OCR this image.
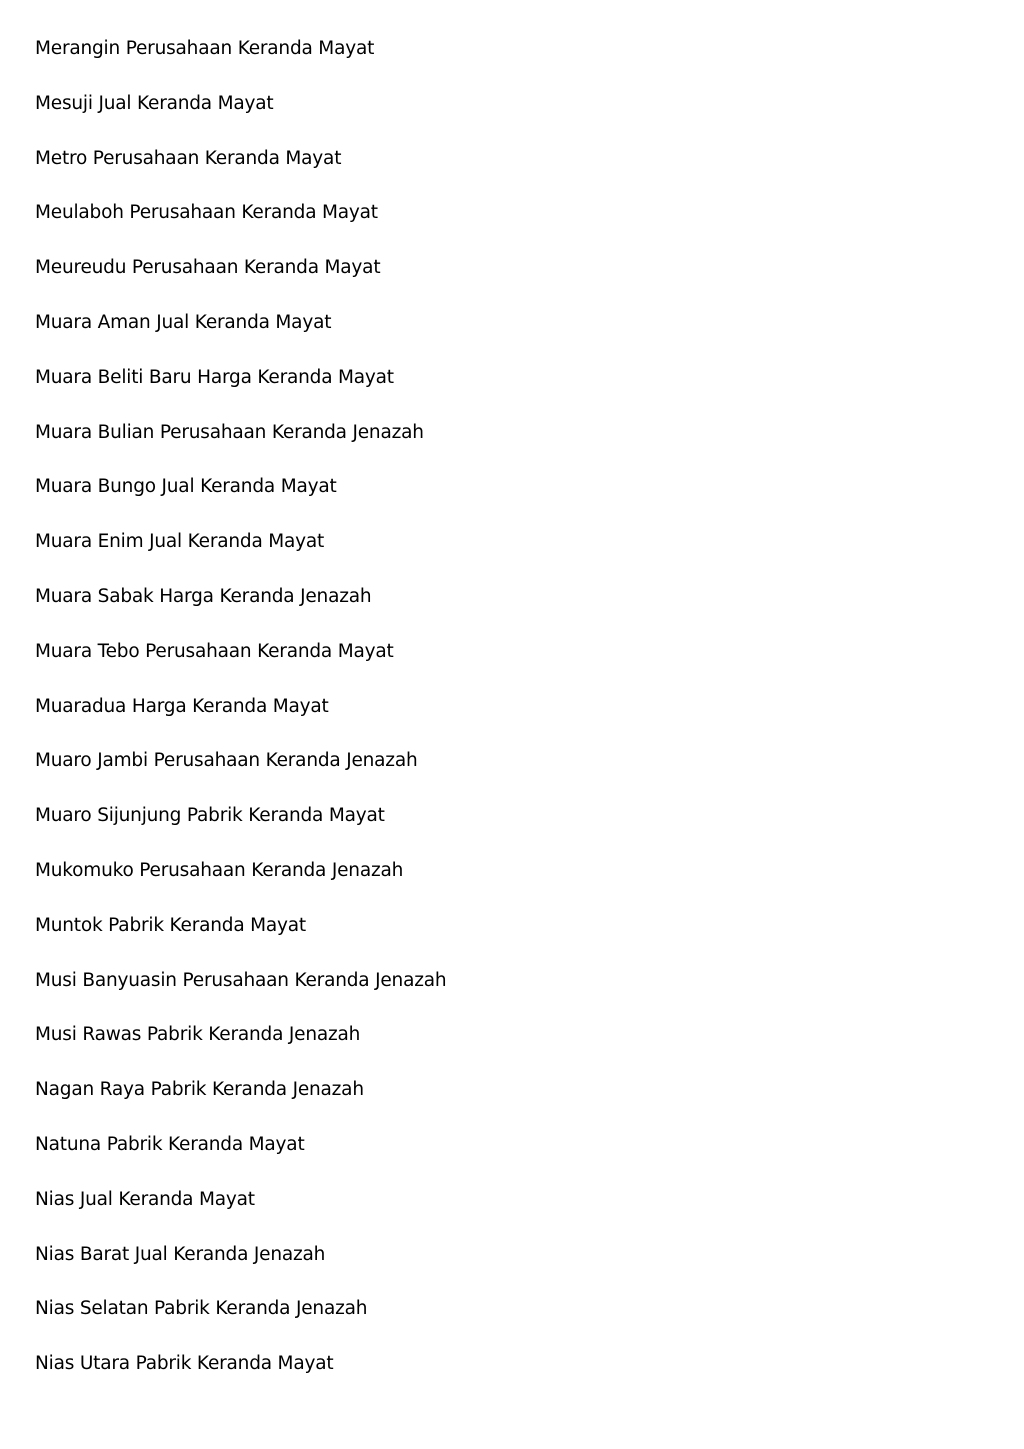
Merangin Perusahaan Keranda Mayat
Mesuji Jual Keranda Mayat
Metro Perusahaan Keranda Mayat
Meulaboh Perusahaan Keranda Mayat
Meureudu Perusahaan Keranda Mayat
Muara Aman Jual Keranda Mayat
Muara Beliti Baru Harga Keranda Mayat
Muara Bulian Perusahaan Keranda Jenazah
Muara Bungo Jual Keranda Mayat
Muara Enim Jual Keranda Mayat
Muara Sabak Harga Keranda Jenazah
Muara Tebo Perusahaan Keranda Mayat
Muaradua Harga Keranda Mayat
Muaro Jambi Perusahaan Keranda Jenazah
Muaro Sijunjung Pabrik Keranda Mayat
Mukomuko Perusahaan Keranda Jenazah
Muntok Pabrik Keranda Mayat
Musi Banyuasin Perusahaan Keranda Jenazah
Musi Rawas Pabrik Keranda Jenazah
Nagan Raya Pabrik Keranda Jenazah
Natuna Pabrik Keranda Mayat
Nias Jual Keranda Mayat
Nias Barat Jual Keranda Jenazah
Nias Selatan Pabrik Keranda Jenazah
Nias Utara Pabrik Keranda Mayat
